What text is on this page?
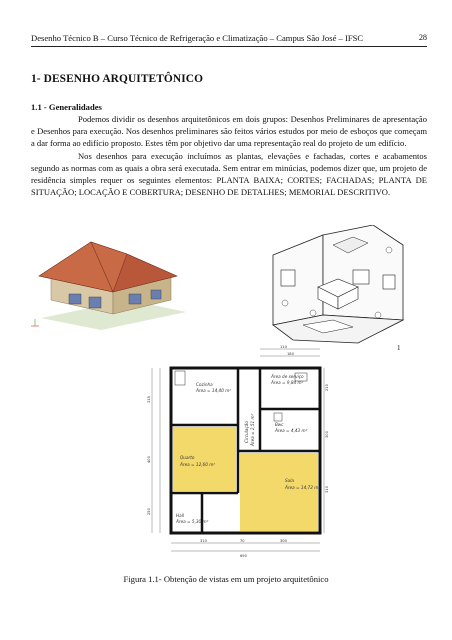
Desenho Técnico B – Curso Técnico de Refrigeração e Climatização – Campus São José – IFSC	28
1- DESENHO ARQUITETÔNICO
1.1 - Generalidades

Podemos dividir os desenhos arquitetônicos em dois grupos: Desenhos Preliminares de apresentação e Desenhos para execução. Nos desenhos preliminares são feitos vários estudos por meio de esboços que começam a dar forma ao edifício proposto. Estes têm por objetivo dar uma representação real do projeto de um edifício.

Nos desenhos para execução incluímos as plantas, elevações e fachadas, cortes e acabamentos segundo as normas com as quais a obra será executada. Sem entrar em minúcias, podemos dizer que, um projeto de residência simples requer os seguintes elementos: PLANTA BAIXA; CORTES; FACHADAS; PLANTA DE SITUAÇÃO; LOCAÇÃO E COBERTURA; DESENHO DE DETALHES; MEMORIAL DESCRITIVO.

1
Cozinha
Área = 14,40 m²
Área de serviço
Área = 9,84 m²
Bwc
Área = 4,43 m²
Circulação Área = 2,51 m²
Quarto
Área = 12,60 m²
Sala
Área = 14,72 m²
Hall
Área = 5,30 m²
110
180
310	70	300
690
315
400
250
210
300
310
Figura 1.1- Obtenção de vistas em um projeto arquitetônico
